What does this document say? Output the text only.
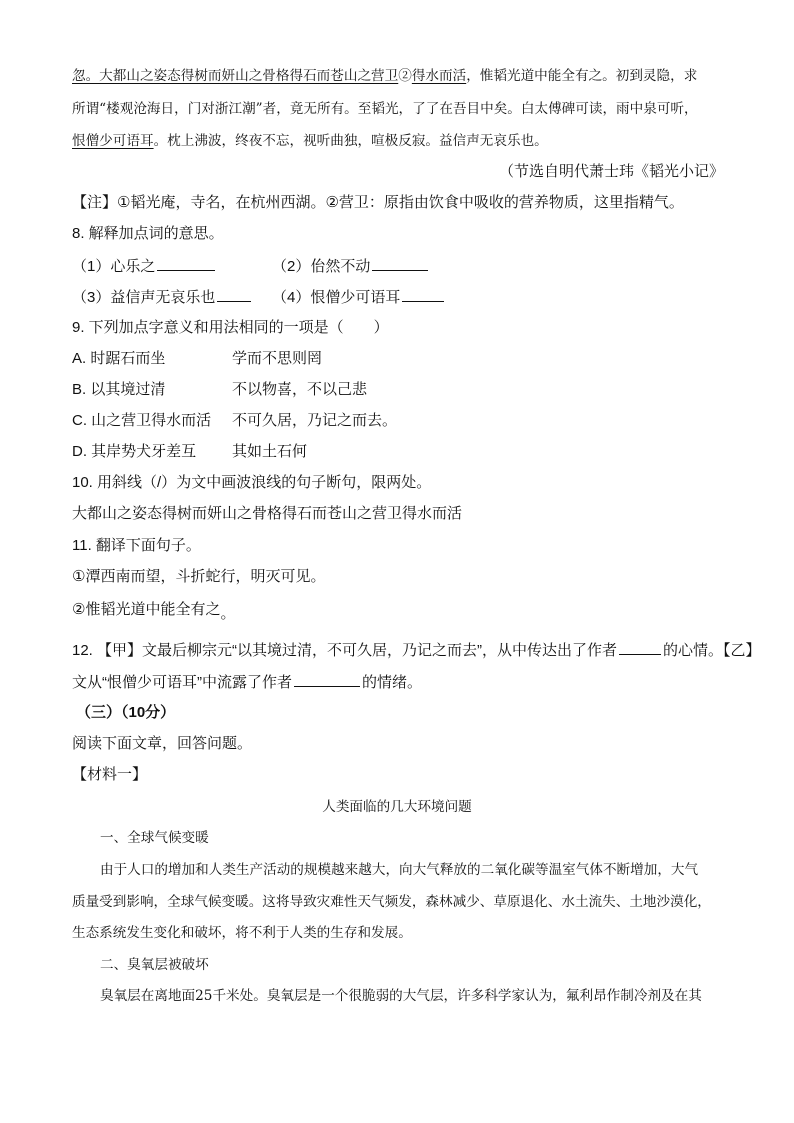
忽。大都山之姿态得树而妍山之骨格得石而苍山之营卫②得水而活，惟韬光道中能全有之。初到灵隐，求
所谓“楼观沧海日，门对浙江潮”者，竟无所有。至韬光，了了在吾目中矣。白太傅碑可读，雨中泉可听，
恨僧少可语耳。枕上沸波，终夜不忘，视听曲独，喧极反寂。益信声无哀乐也。
（节选自明代萧士玮《韬光小记》
【注】①韬光庵，寺名，在杭州西湖。②营卫：原指由饮食中吸收的营养物质，这里指精气。
8. 解释加点词的意思。
（1）心乐之	（2）佁然不动
（3）益信声无哀乐也	（4）恨僧少可语耳
9. 下列加点字意义和用法相同的一项是（　　）
A. 时踞石而坐	学而不思则罔
B. 以其境过清	不以物喜，不以己悲
C. 山之营卫得水而活 不可久居，乃记之而去。
D. 其岸势犬牙差互 其如土石何
10. 用斜线（/）为文中画波浪线的句子断句，限两处。
大都山之姿态得树而妍山之骨格得石而苍山之营卫得水而活
11. 翻译下面句子。
①潭西南而望，斗折蛇行，明灭可见。
②惟韬光道中能全有之。
12. 【甲】文最后柳宗元“以其境过清，不可久居，乃记之而去”，从中传达出了作者	的心情。【乙】
文从“恨僧少可语耳”中流露了作者	的情绪。
（三）（10分）
阅读下面文章，回答问题。
【材料一】
人类面临的几大环境问题
一、全球气候变暖
由于人口的增加和人类生产活动的规模越来越大，向大气释放的二氧化碳等温室气体不断增加，大气
质量受到影响，全球气候变暖。这将导致灾难性天气频发，森林减少、草原退化、水土流失、土地沙漠化，
生态系统发生变化和破坏，将不利于人类的生存和发展。
二、臭氧层被破坏
臭氧层在离地面25千米处。臭氧层是一个很脆弱的大气层，许多科学家认为，氟利昂作制冷剂及在其
